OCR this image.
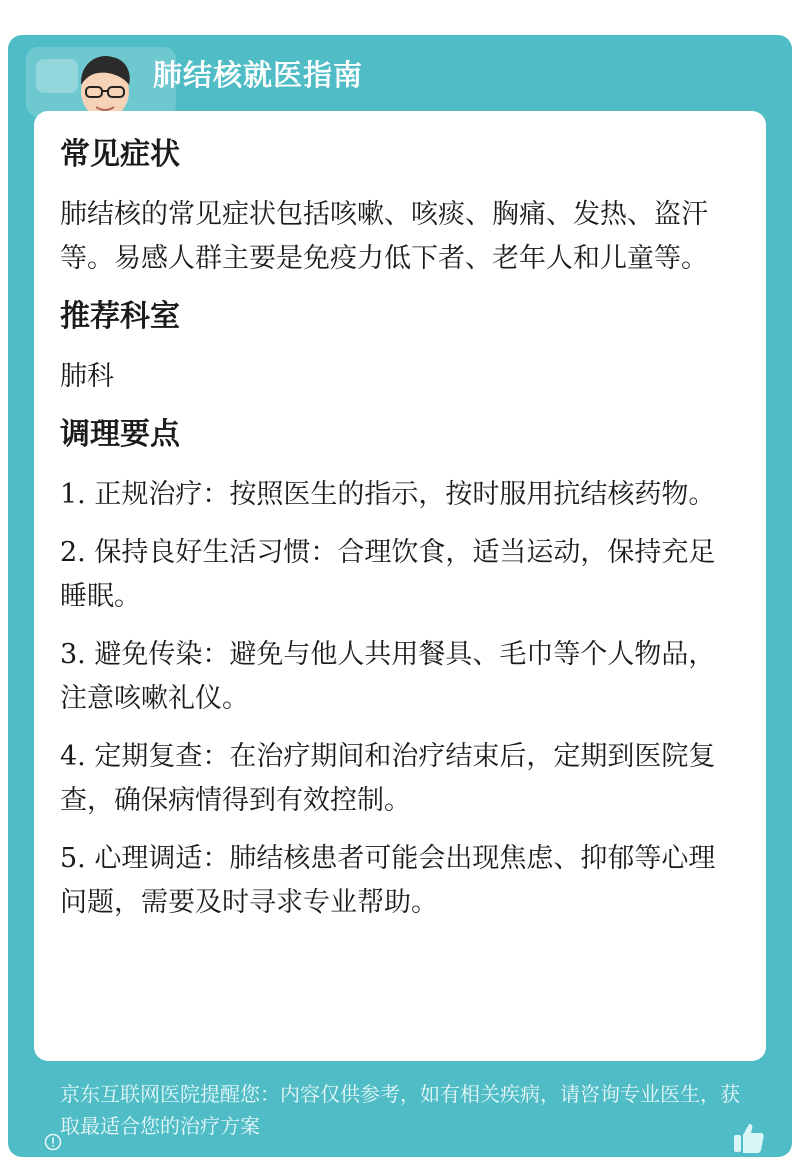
肺结核就医指南
常见症状
肺结核的常见症状包括咳嗽、咳痰、胸痛、发热、盗汗等。易感人群主要是免疫力低下者、老年人和儿童等。
推荐科室
肺科
调理要点
1. 正规治疗：按照医生的指示，按时服用抗结核药物。
2. 保持良好生活习惯：合理饮食，适当运动，保持充足睡眠。
3. 避免传染：避免与他人共用餐具、毛巾等个人物品，注意咳嗽礼仪。
4. 定期复查：在治疗期间和治疗结束后，定期到医院复查，确保病情得到有效控制。
5. 心理调适：肺结核患者可能会出现焦虑、抑郁等心理问题，需要及时寻求专业帮助。
京东互联网医院提醒您：内容仅供参考，如有相关疾病，请咨询专业医生，获取最适合您的治疗方案
